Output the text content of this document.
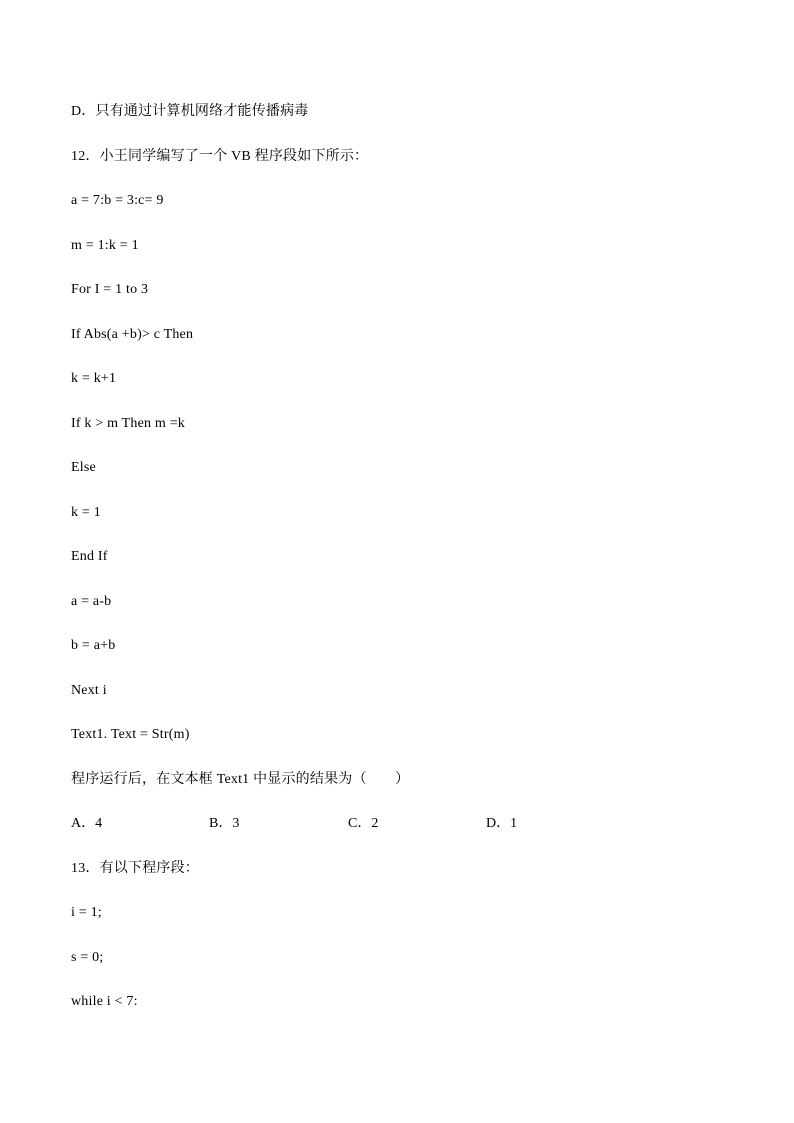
D．只有通过计算机网络才能传播病毒
12．小王同学编写了一个 VB 程序段如下所示：
a = 7:b = 3:c= 9
m = 1:k = 1
For I = 1 to 3
If Abs(a +b)> c Then
k = k+1
If k > m Then m =k
Else
k = 1
End If
a = a-b
b = a+b
Next i
Text1. Text = Str(m)
程序运行后，在文本框 Text1 中显示的结果为（　　）
A．4	B．3	C．2	D．1
13．有以下程序段：
i = 1;
s = 0;
while i < 7:
